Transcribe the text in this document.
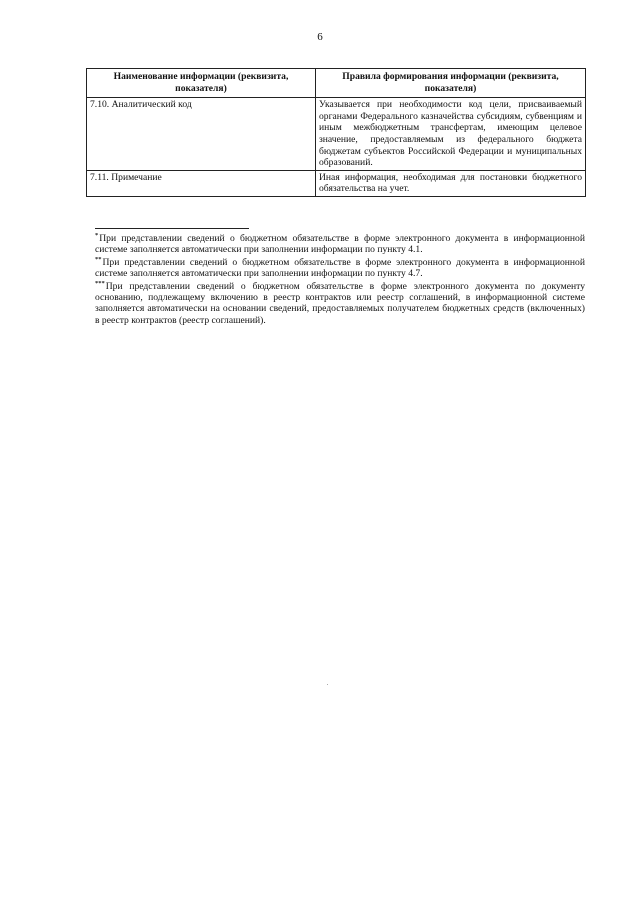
6
Наименование информации (реквизита, показателя)	Правила формирования информации (реквизита, показателя)
7.10. Аналитический код	Указывается при необходимости код цели, присваиваемый органами Федерального казначейства субсидиям, субвенциям и иным межбюджетным трансфертам, имеющим целевое значение, предоставляемым из федерального бюджета бюджетам субъектов Российской Федерации и муниципальных образований.
7.11. Примечание	Иная информация, необходимая для постановки бюджетного обязательства на учет.

*При представлении сведений о бюджетном обязательстве в форме электронного документа в информационной системе заполняется автоматически при заполнении информации по пункту 4.1.

**При представлении сведений о бюджетном обязательстве в форме электронного документа в информационной системе заполняется автоматически при заполнении информации по пункту 4.7.

***При представлении сведений о бюджетном обязательстве в форме электронного документа по документу основанию, подлежащему включению в реестр контрактов или реестр соглашений, в информационной системе заполняется автоматически на основании сведений, предоставляемых получателем бюджетных средств (включенных) в реестр контрактов (реестр соглашений).
